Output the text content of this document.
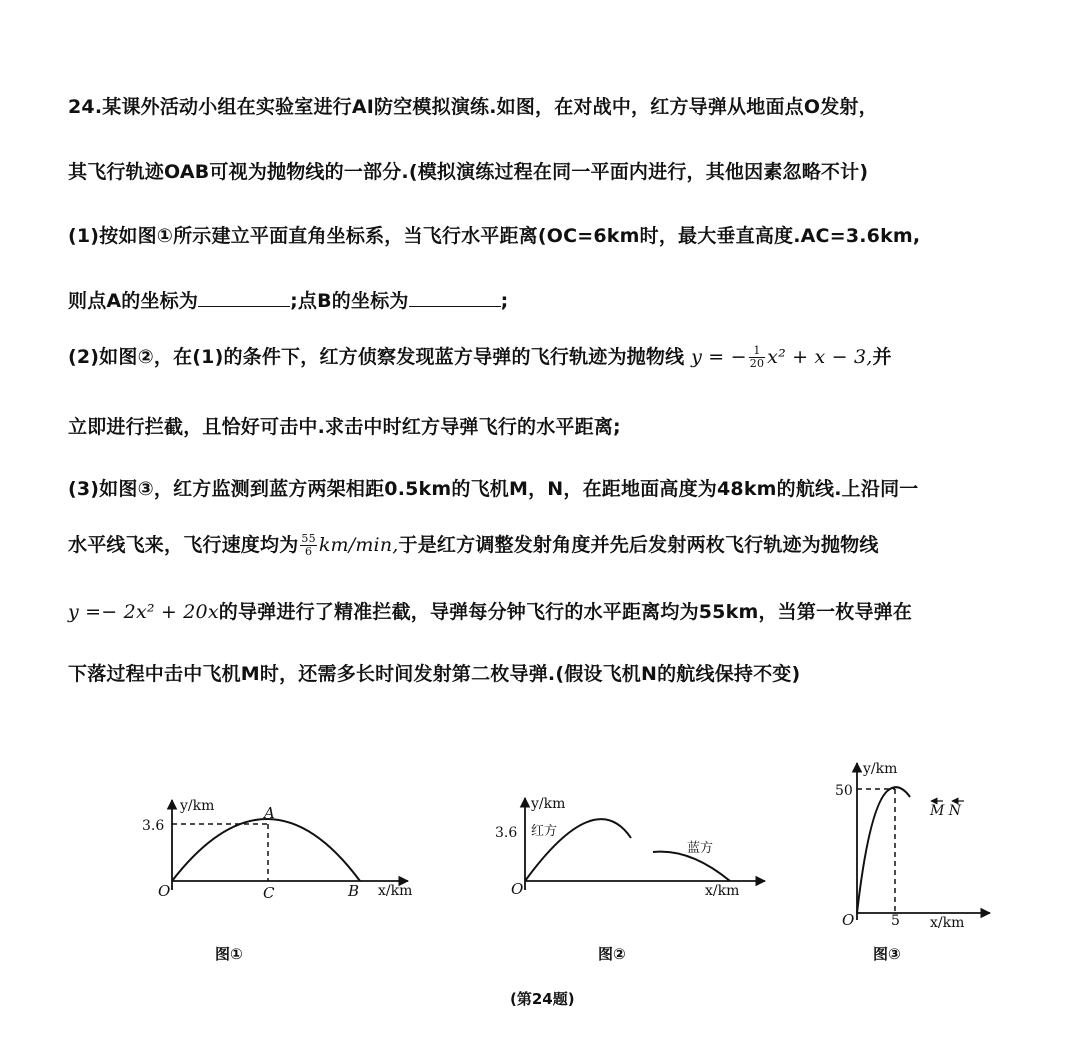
24.某课外活动小组在实验室进行AI防空模拟演练.如图，在对战中，红方导弹从地面点O发射，
其飞行轨迹OAB可视为抛物线的一部分.(模拟演练过程在同一平面内进行，其他因素忽略不计)
(1)按如图①所示建立平面直角坐标系，当飞行水平距离(OC=6km时，最大垂直高度.AC=3.6km,
则点A的坐标为	;点B的坐标为	;
(2)如图②，在(1)的条件下，红方侦察发现蓝方导弹的飞行轨迹为抛物线 y = − $\frac{1}{20} x^2 + x - 3$,并
立即进行拦截，且恰好可击中.求击中时红方导弹飞行的水平距离;
(3)如图③，红方监测到蓝方两架相距0.5km的飞机M，N，在距地面高度为48km的航线.上沿同一
水平线飞来，飞行速度均为 $\frac{55}{6} km/\min$,于是红方调整发射角度并先后发射两枚飞行轨迹为抛物线
y =− 2x² + 20x的导弹进行了精准拦截，导弹每分钟飞行的水平距离均为55km，当第一枚导弹在
下落过程中击中飞机M时，还需多长时间发射第二枚导弹.(假设飞机N的航线保持不变)
y/km
x/km
3.6
O
A
C	B
图①
y/km
x/km
3.6 红方
蓝方
O
图②
y/km
50
5 x/km
O
M N
图③
(第24题)
